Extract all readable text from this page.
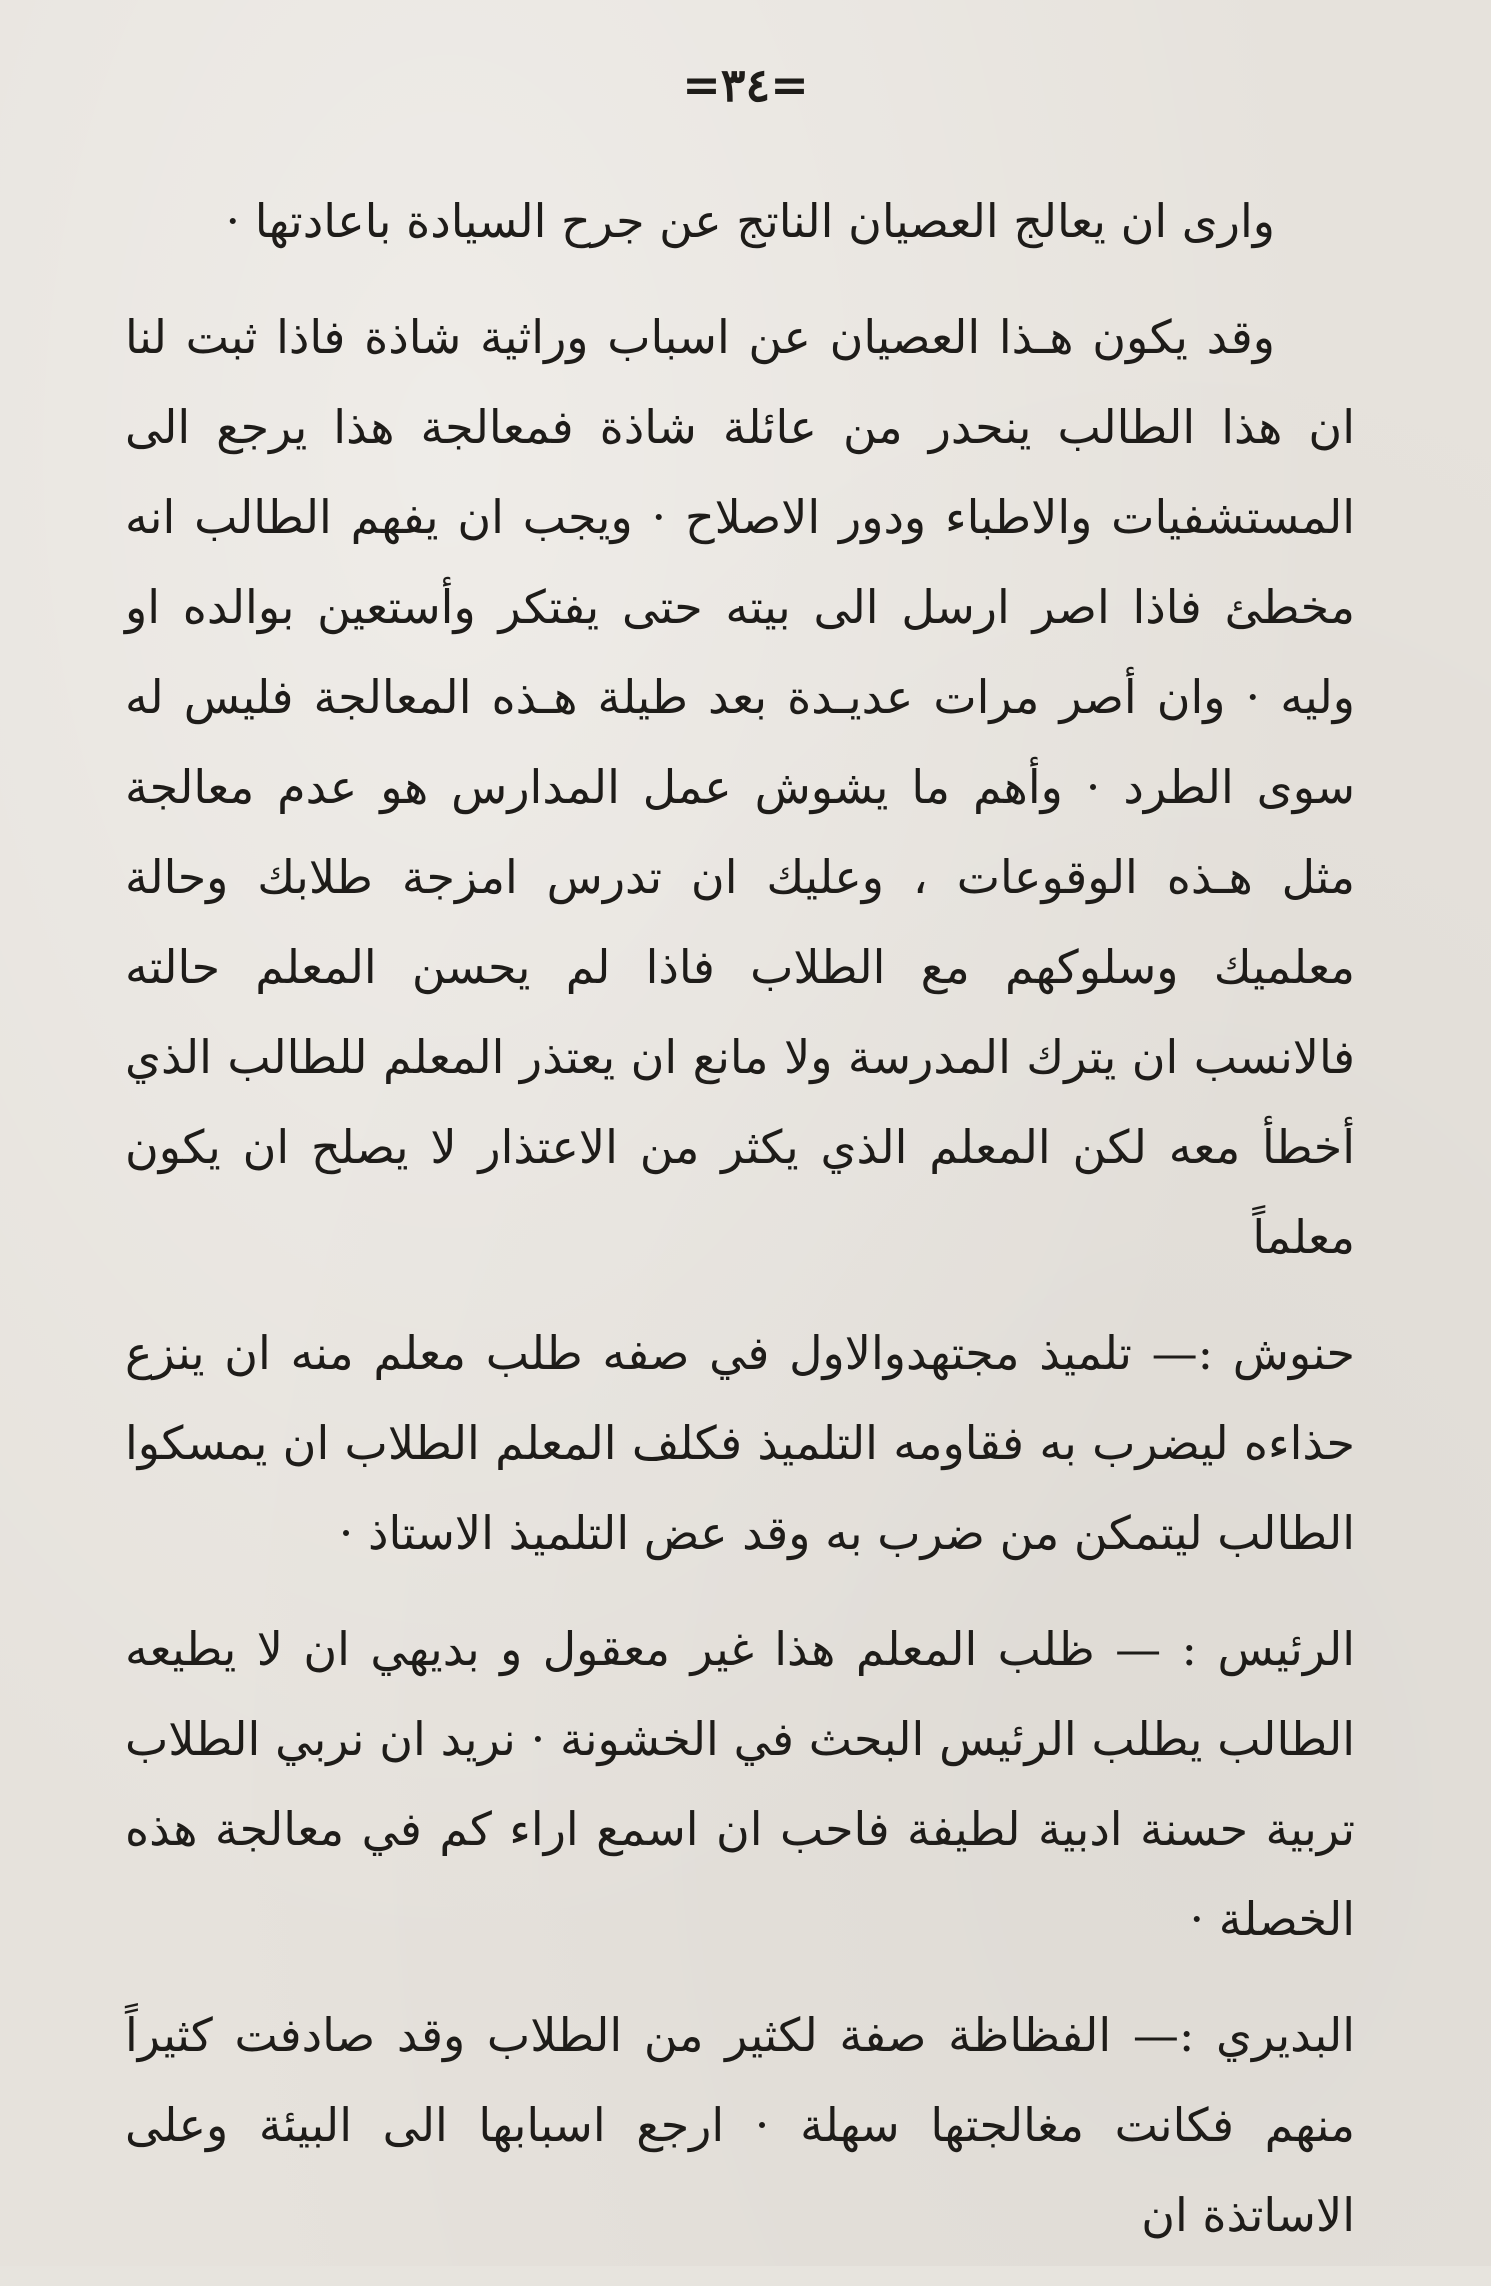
=٣٤=

وارى ان يعالج العصيان الناتج عن جرح السيادة باعادتها ·

وقد يكون هـذا العصيان عن اسباب وراثية شاذة فاذا ثبت لنا ان هذا الطالب ينحدر من عائلة شاذة فمعالجة هذا يرجع الى المستشفيات والاطباء ودور الاصلاح · ويجب ان يفهم الطالب انه مخطئ فاذا اصر ارسل الى بيته حتى يفتكر وأستعين بوالده او وليه · وان أصر مرات عديـدة بعد طيلة هـذه المعالجة فليس له سوى الطرد · وأهم ما يشوش عمل المدارس هو عدم معالجة مثل هـذه الوقوعات ، وعليك ان تدرس امزجة طلابك وحالة معلميك وسلوكهم مع الطلاب فاذا لم يحسن المعلم حالته فالانسب ان يترك المدرسة ولا مانع ان يعتذر المعلم للطالب الذي أخطأ معه لكن المعلم الذي يكثر من الاعتذار لا يصلح ان يكون معلماً

حنوش :— تلميذ مجتهدوالاول في صفه طلب معلم منه ان ينزع حذاءه ليضرب به فقاومه التلميذ فكلف المعلم الطلاب ان يمسكوا الطالب ليتمكن من ضرب به وقد عض التلميذ الاستاذ ·

الرئيس : — ظلب المعلم هذا غير معقول و بديهي ان لا يطيعه الطالب يطلب الرئيس البحث في الخشونة · نريد ان نربي الطلاب تربية حسنة ادبية لطيفة فاحب ان اسمع اراء كم في معالجة هذه الخصلة ·

البديري :— الفظاظة صفة لكثير من الطلاب وقد صادفت كثيراً منهم فكانت مغالجتها سهلة · ارجع اسبابها الى البيئة وعلى الاساتذة ان
